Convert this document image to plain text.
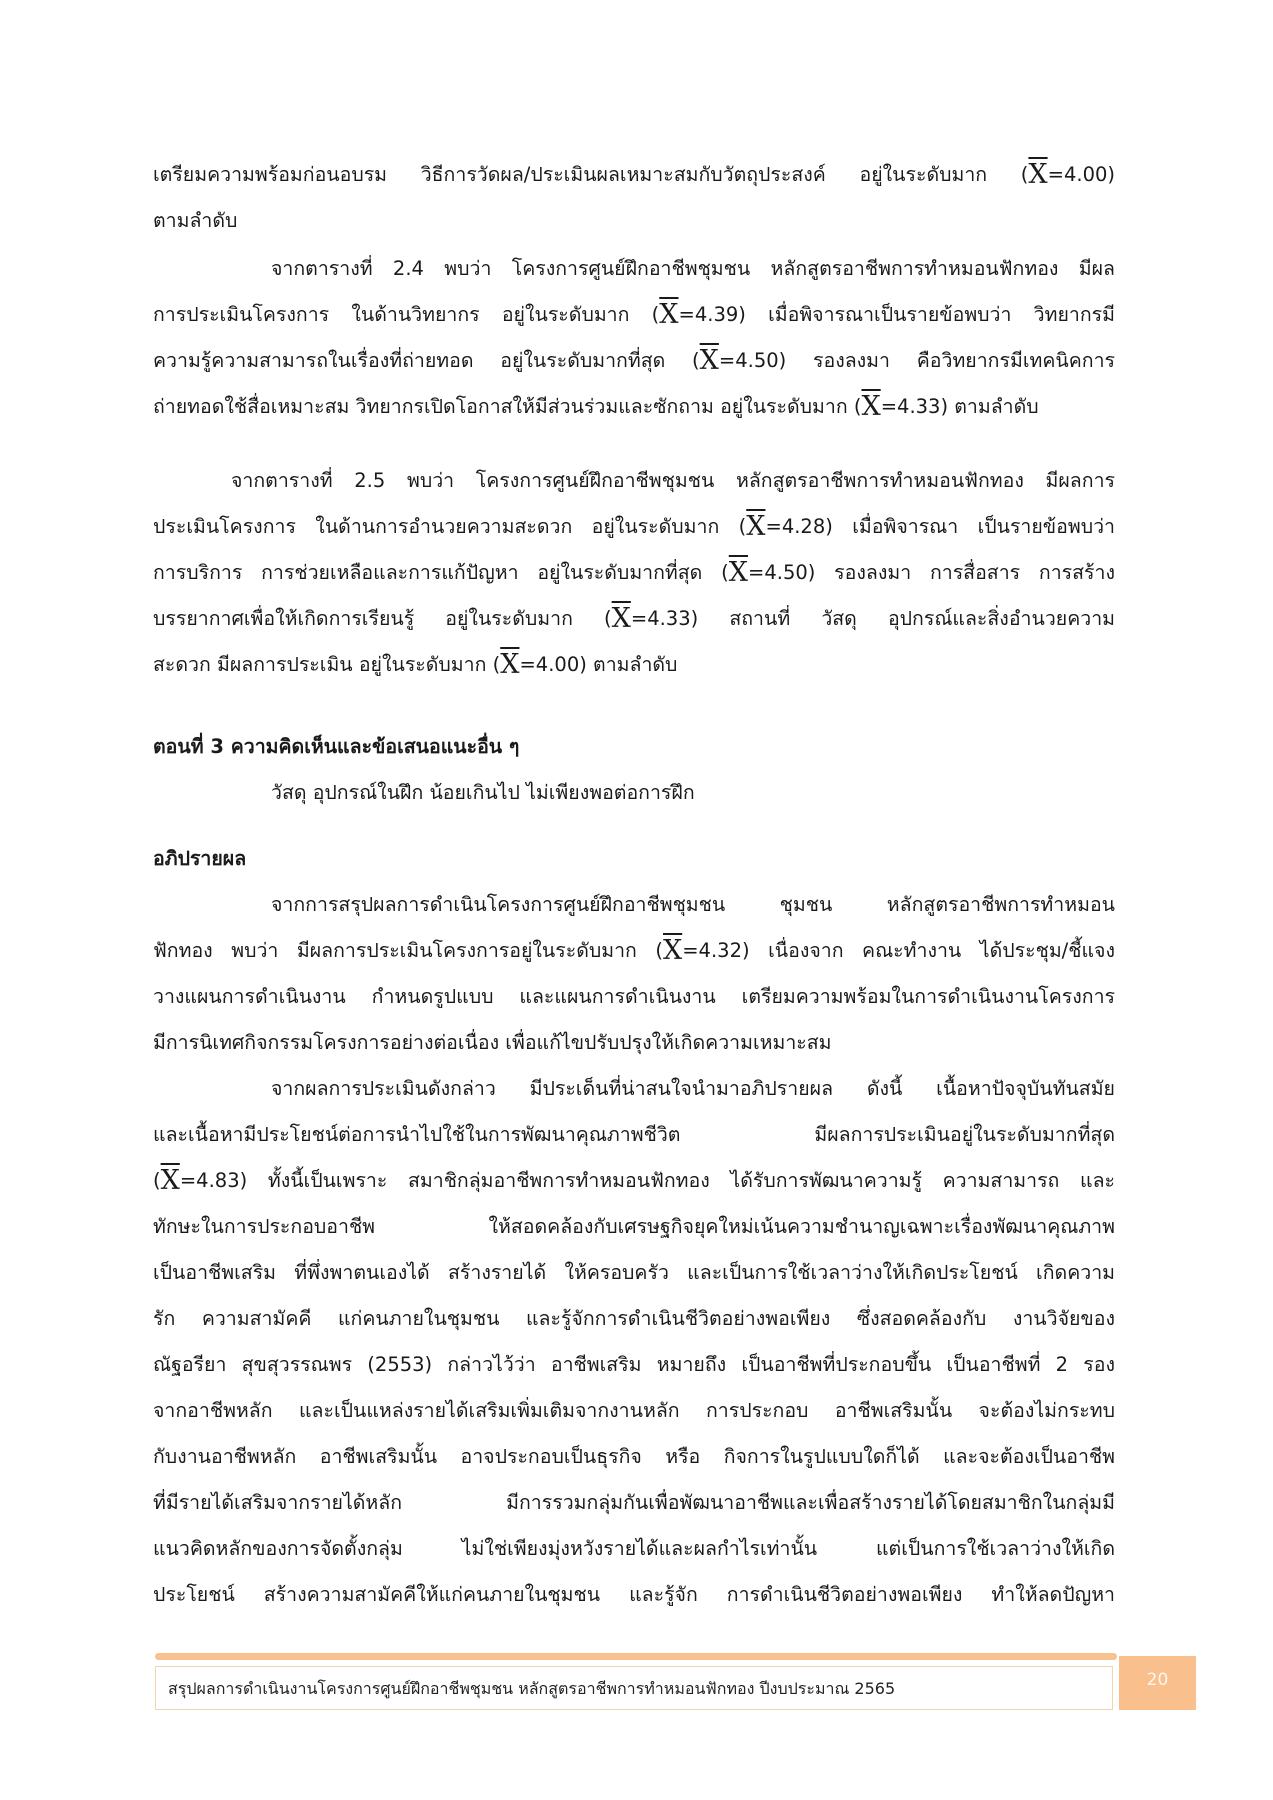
เตรียมความพร้อมก่อนอบรม วิธีการวัดผล/ประเมินผลเหมาะสมกับวัตถุประสงค์ อยู่ในระดับมาก $(\overline{X}=4.00)$
ตามลำดับ
จากตารางที่ 2.4 พบว่า โครงการศูนย์ฝึกอาชีพชุมชน หลักสูตรอาชีพการทำหมอนฟักทอง มีผล
การประเมินโครงการ ในด้านวิทยากร อยู่ในระดับมาก $(\overline{X}=4.39)$ เมื่อพิจารณาเป็นรายข้อพบว่า วิทยากรมี
ความรู้ความสามารถในเรื่องที่ถ่ายทอด อยู่ในระดับมากที่สุด $(\overline{X}=4.50)$ รองลงมา คือวิทยากรมีเทคนิคการ
ถ่ายทอดใช้สื่อเหมาะสม วิทยากรเปิดโอกาสให้มีส่วนร่วมและซักถาม อยู่ในระดับมาก $(\overline{X}=4.33)$ ตามลำดับ
จากตารางที่ 2.5 พบว่า โครงการศูนย์ฝึกอาชีพชุมชน หลักสูตรอาชีพการทำหมอนฟักทอง มีผลการ
ประเมินโครงการ ในด้านการอำนวยความสะดวก อยู่ในระดับมาก $(\overline{X}=4.28)$ เมื่อพิจารณา เป็นรายข้อพบว่า
การบริการ การช่วยเหลือและการแก้ปัญหา อยู่ในระดับมากที่สุด $(\overline{X}=4.50)$ รองลงมา การสื่อสาร การสร้าง
บรรยากาศเพื่อให้เกิดการเรียนรู้ อยู่ในระดับมาก $(\overline{X}=4.33)$ สถานที่ วัสดุ อุปกรณ์และสิ่งอำนวยความ
สะดวก มีผลการประเมิน อยู่ในระดับมาก $(\overline{X}=4.00)$ ตามลำดับ
ตอนที่ 3 ความคิดเห็นและข้อเสนอแนะอื่น ๆ
วัสดุ อุปกรณ์ในฝึก น้อยเกินไป ไม่เพียงพอต่อการฝึก
อภิปรายผล
จากการสรุปผลการดำเนินโครงการศูนย์ฝึกอาชีพชุมชน ชุมชน หลักสูตรอาชีพการทำหมอน
ฟักทอง พบว่า มีผลการประเมินโครงการอยู่ในระดับมาก $(\overline{X}=4.32)$ เนื่องจาก คณะทำงาน ได้ประชุม/ชี้แจง
วางแผนการดำเนินงาน กำหนดรูปแบบ และแผนการดำเนินงาน เตรียมความพร้อมในการดำเนินงานโครงการ
มีการนิเทศกิจกรรมโครงการอย่างต่อเนื่อง เพื่อแก้ไขปรับปรุงให้เกิดความเหมาะสม
จากผลการประเมินดังกล่าว มีประเด็นที่น่าสนใจนำมาอภิปรายผล ดังนี้ เนื้อหาปัจจุบันทันสมัย
และเนื้อหามีประโยชน์ต่อการนำไปใช้ในการพัฒนาคุณภาพชีวิต มีผลการประเมินอยู่ในระดับมากที่สุด
$(\overline{X}=4.83)$ ทั้งนี้เป็นเพราะ สมาชิกลุ่มอาชีพการทำหมอนฟักทอง ได้รับการพัฒนาความรู้ ความสามารถ และ
ทักษะในการประกอบอาชีพ ให้สอดคล้องกับเศรษฐกิจยุคใหม่เน้นความชำนาญเฉพาะเรื่องพัฒนาคุณภาพ
เป็นอาชีพเสริม ที่พึ่งพาตนเองได้ สร้างรายได้ ให้ครอบครัว และเป็นการใช้เวลาว่างให้เกิดประโยชน์ เกิดความ
รัก ความสามัคคี แก่คนภายในชุมชน และรู้จักการดำเนินชีวิตอย่างพอเพียง ซึ่งสอดคล้องกับ งานวิจัยของ
ณัฐอรียา สุขสุวรรณพร (2553) กล่าวไว้ว่า อาชีพเสริม หมายถึง เป็นอาชีพที่ประกอบขึ้น เป็นอาชีพที่ 2 รอง
จากอาชีพหลัก และเป็นแหล่งรายได้เสริมเพิ่มเติมจากงานหลัก การประกอบ อาชีพเสริมนั้น จะต้องไม่กระทบ
กับงานอาชีพหลัก อาชีพเสริมนั้น อาจประกอบเป็นธุรกิจ หรือ กิจการในรูปแบบใดก็ได้ และจะต้องเป็นอาชีพ
ที่มีรายได้เสริมจากรายได้หลัก มีการรวมกลุ่มกันเพื่อพัฒนาอาชีพและเพื่อสร้างรายได้โดยสมาชิกในกลุ่มมี
แนวคิดหลักของการจัดตั้งกลุ่ม ไม่ใช่เพียงมุ่งหวังรายได้และผลกำไรเท่านั้น แต่เป็นการใช้เวลาว่างให้เกิด
ประโยชน์ สร้างความสามัคคีให้แก่คนภายในชุมชน และรู้จัก การดำเนินชีวิตอย่างพอเพียง ทำให้ลดปัญหา
สรุปผลการดำเนินงานโครงการศูนย์ฝึกอาชีพชุมชน หลักสูตรอาชีพการทำหมอนฟักทอง ปีงบประมาณ 2565	20
